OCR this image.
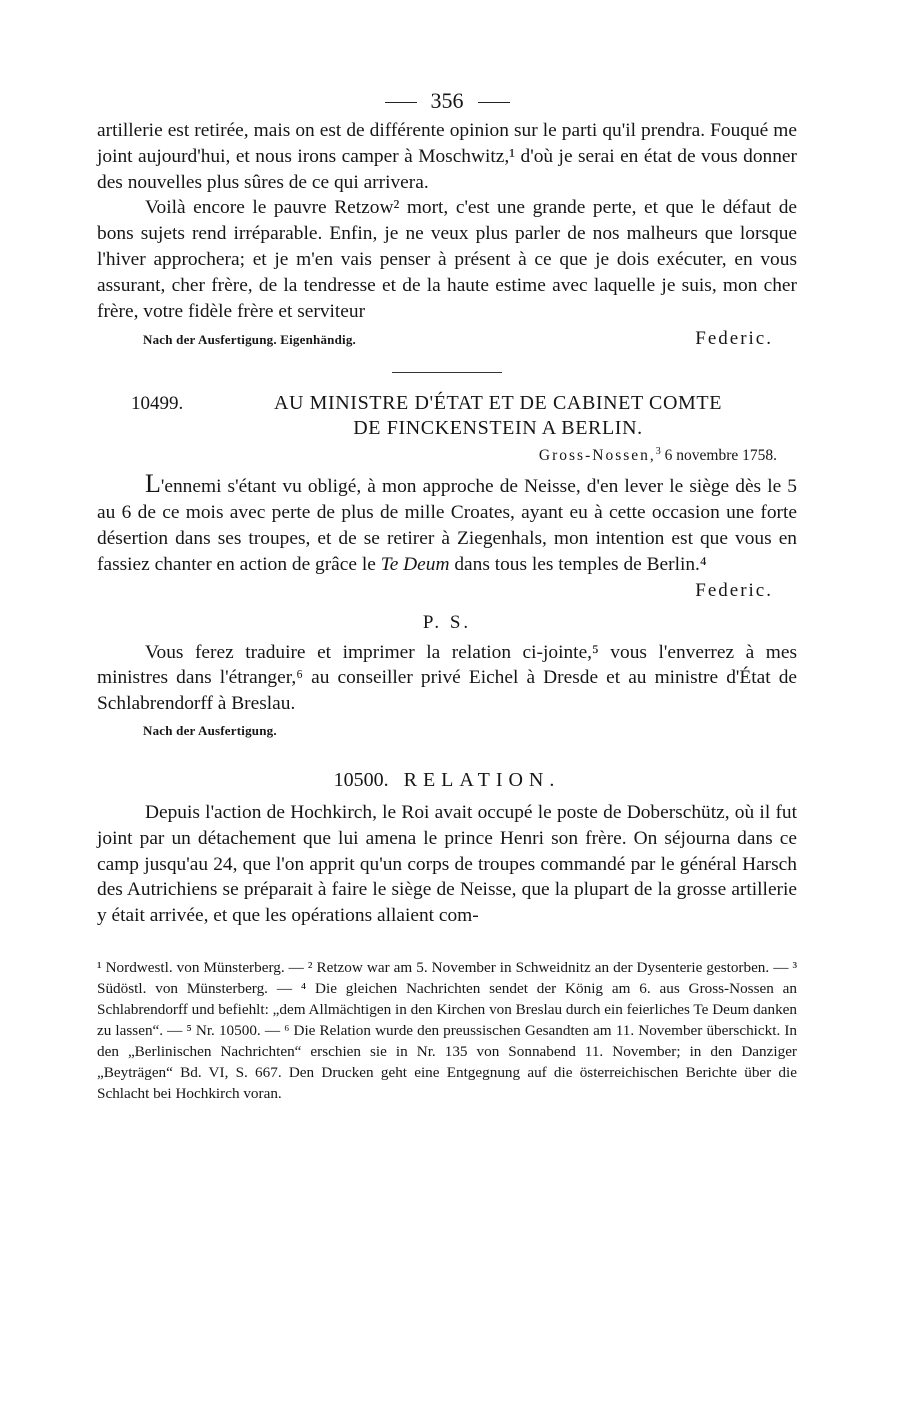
356

artillerie est retirée, mais on est de différente opinion sur le parti qu'il prendra. Fouqué me joint aujourd'hui, et nous irons camper à Moschwitz,¹ d'où je serai en état de vous donner des nouvelles plus sûres de ce qui arrivera.

Voilà encore le pauvre Retzow² mort, c'est une grande perte, et que le défaut de bons sujets rend irréparable. Enfin, je ne veux plus parler de nos malheurs que lorsque l'hiver approchera; et je m'en vais penser à présent à ce que je dois exécuter, en vous assurant, cher frère, de la tendresse et de la haute estime avec laquelle je suis, mon cher frère, votre fidèle frère et serviteur

Nach der Ausfertigung. Eigenhändig.	Federic.
10499.	AU MINISTRE D'ÉTAT ET DE CABINET COMTE
DE FINCKENSTEIN A BERLIN.
Gross-Nossen,$^3$ 6 novembre 1758.

L'ennemi s'étant vu obligé, à mon approche de Neisse, d'en lever le siège dès le 5 au 6 de ce mois avec perte de plus de mille Croates, ayant eu à cette occasion une forte désertion dans ses troupes, et de se retirer à Ziegenhals, mon intention est que vous en fassiez chanter en action de grâce le Te Deum dans tous les temples de Berlin.⁴

Federic.
P. S.

Vous ferez traduire et imprimer la relation ci-jointe,⁵ vous l'enverrez à mes ministres dans l'étranger,⁶ au conseiller privé Eichel à Dresde et au ministre d'État de Schlabrendorff à Breslau.

Nach der Ausfertigung.
10500. RELATION.

Depuis l'action de Hochkirch, le Roi avait occupé le poste de Doberschütz, où il fut joint par un détachement que lui amena le prince Henri son frère. On séjourna dans ce camp jusqu'au 24, que l'on apprit qu'un corps de troupes commandé par le général Harsch des Autrichiens se préparait à faire le siège de Neisse, que la plupart de la grosse artillerie y était arrivée, et que les opérations allaient com-

¹ Nordwestl. von Münsterberg. — ² Retzow war am 5. November in Schweidnitz an der Dysenterie gestorben. — ³ Südöstl. von Münsterberg. — ⁴ Die gleichen Nachrichten sendet der König am 6. aus Gross-Nossen an Schlabrendorff und befiehlt: „dem Allmächtigen in den Kirchen von Breslau durch ein feierliches Te Deum danken zu lassen“. — ⁵ Nr. 10500. — ⁶ Die Relation wurde den preussischen Gesandten am 11. November überschickt. In den „Berlinischen Nachrichten“ erschien sie in Nr. 135 von Sonnabend 11. November; in den Danziger „Beyträgen“ Bd. VI, S. 667. Den Drucken geht eine Entgegnung auf die österreichischen Berichte über die Schlacht bei Hochkirch voran.
